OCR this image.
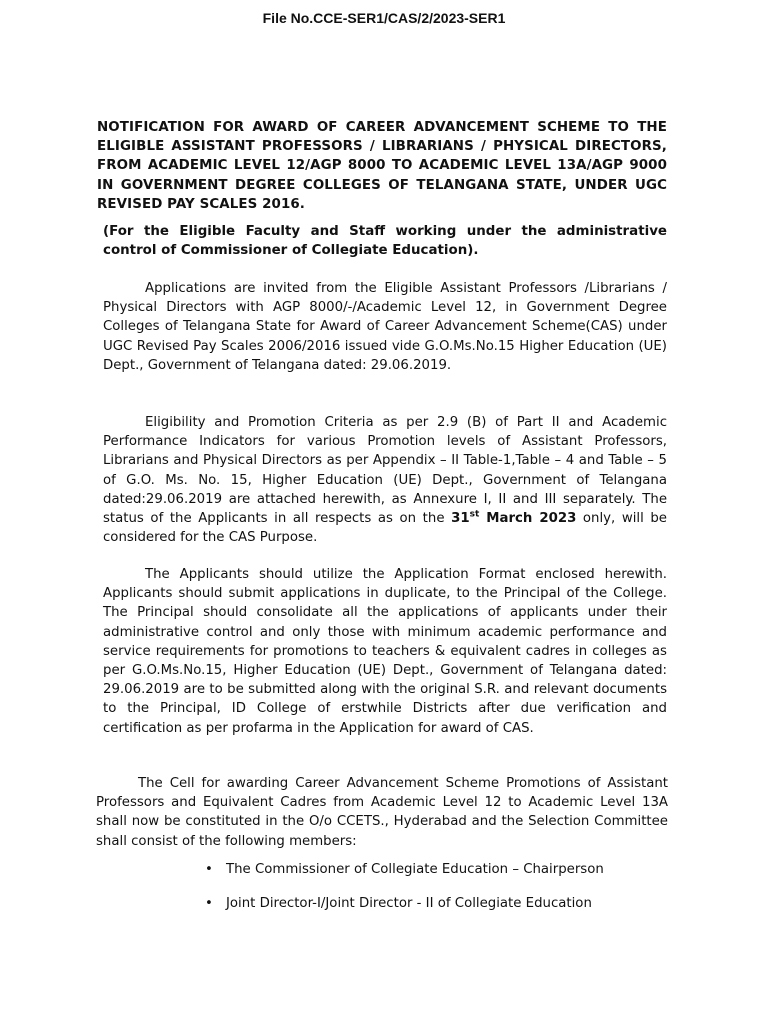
File No.CCE-SER1/CAS/2/2023-SER1
NOTIFICATION FOR AWARD OF CAREER ADVANCEMENT SCHEME TO THE ELIGIBLE ASSISTANT PROFESSORS / LIBRARIANS / PHYSICAL DIRECTORS, FROM ACADEMIC LEVEL 12/AGP 8000 TO ACADEMIC LEVEL 13A/AGP 9000 IN GOVERNMENT DEGREE COLLEGES OF TELANGANA STATE, UNDER UGC REVISED PAY SCALES 2016.
(For the Eligible Faculty and Staff working under the administrative control of Commissioner of Collegiate Education).

Applications are invited from the Eligible Assistant Professors /Librarians / Physical Directors with AGP 8000/-/Academic Level 12, in Government Degree Colleges of Telangana State for Award of Career Advancement Scheme(CAS) under UGC Revised Pay Scales 2006/2016 issued vide G.O.Ms.No.15 Higher Education (UE) Dept., Government of Telangana dated: 29.06.2019.

Eligibility and Promotion Criteria as per 2.9 (B) of Part II and Academic Performance Indicators for various Promotion levels of Assistant Professors, Librarians and Physical Directors as per Appendix – II Table-1,Table – 4 and Table – 5 of G.O. Ms. No. 15, Higher Education (UE) Dept., Government of Telangana dated:29.06.2019 are attached herewith, as Annexure I, II and III separately. The status of the Applicants in all respects as on the 31st March 2023 only, will be considered for the CAS Purpose.

The Applicants should utilize the Application Format enclosed herewith. Applicants should submit applications in duplicate, to the Principal of the College. The Principal should consolidate all the applications of applicants under their administrative control and only those with minimum academic performance and service requirements for promotions to teachers & equivalent cadres in colleges as per G.O.Ms.No.15, Higher Education (UE) Dept., Government of Telangana dated: 29.06.2019 are to be submitted along with the original S.R. and relevant documents to the Principal, ID College of erstwhile Districts after due verification and certification as per profarma in the Application for award of CAS.

The Cell for awarding Career Advancement Scheme Promotions of Assistant Professors and Equivalent Cadres from Academic Level 12 to Academic Level 13A shall now be constituted in the O/o CCETS., Hyderabad and the Selection Committee shall consist of the following members:

• The Commissioner of Collegiate Education – Chairperson
• Joint Director-I/Joint Director - II of Collegiate Education
